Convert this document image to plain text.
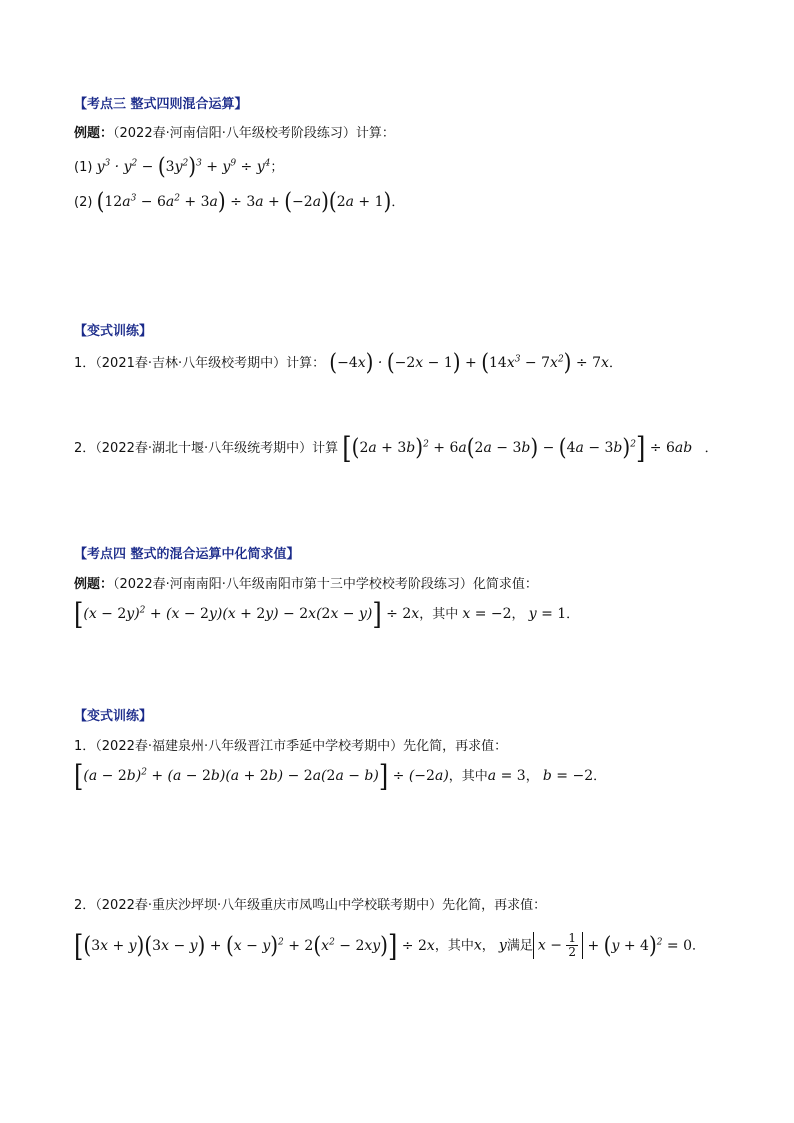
【考点三 整式四则混合运算】
例题：（2022春·河南信阳·八年级校考阶段练习）计算：
(1) $y^3 \cdot y^2 - (3y^2)^3 + y^9 \div y^4$；
(2) $(12a^3 - 6a^2 + 3a) \div 3a + (-2a)(2a + 1)$．
【变式训练】
1．（2021春·吉林·八年级校考期中）计算： $(-4x) \cdot (-2x - 1) + (14x^3 - 7x^2) \div 7x$．
2．（2022春·湖北十堰·八年级统考期中）计算 $[(2a + 3b)^2 + 6a(2a - 3b) - (4a - 3b)^2] \div 6ab$ ．
【考点四 整式的混合运算中化简求值】
例题：（2022春·河南南阳·八年级南阳市第十三中学校校考阶段练习）化简求值：
$[(x - 2y)^2 + (x - 2y)(x + 2y) - 2x(2x - y)] \div 2x$，其中 x = −2， y = 1．
【变式训练】
1．（2022春·福建泉州·八年级晋江市季延中学校考期中）先化简，再求值：
$[(a - 2b)^2 + (a - 2b)(a + 2b) - 2a(2a - b)] \div (-2a)$，其中a = 3， b = −2．
2．（2022春·重庆沙坪坝·八年级重庆市凤鸣山中学校联考期中）先化简，再求值：
$[(3x + y)(3x - y) + (x - y)^2 + 2(x^2 - 2xy)] \div 2x$，其中x， y满足 $x - \frac{1}{2} + (y + 4)^2 = 0$．
